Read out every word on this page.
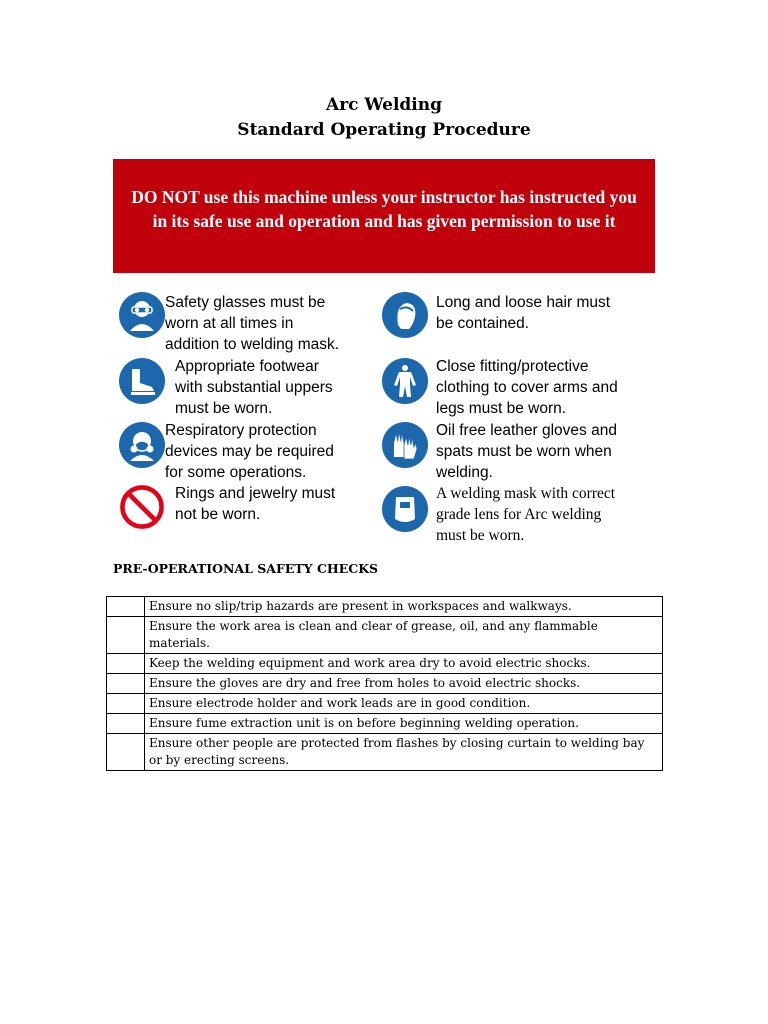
Arc Welding
Standard Operating Procedure
DO NOT use this machine unless your instructor has instructed you in its safe use and operation and has given permission to use it
Safety glasses must be
worn at all times in
addition to welding mask.
Appropriate footwear
with substantial uppers
must be worn.
Respiratory protection
devices may be required
for some operations.
Rings and jewelry must
not be worn.
Long and loose hair must
be contained.
Close fitting/protective
clothing to cover arms and
legs must be worn.
Oil free leather gloves and
spats must be worn when
welding.
A welding mask with correct
grade lens for Arc welding
must be worn.
PRE-OPERATIONAL SAFETY CHECKS
	Ensure no slip/trip hazards are present in workspaces and walkways.
	Ensure the work area is clean and clear of grease, oil, and any flammable materials.
	Keep the welding equipment and work area dry to avoid electric shocks.
	Ensure the gloves are dry and free from holes to avoid electric shocks.
	Ensure electrode holder and work leads are in good condition.
	Ensure fume extraction unit is on before beginning welding operation.
	Ensure other people are protected from flashes by closing curtain to welding bay or by erecting screens.
